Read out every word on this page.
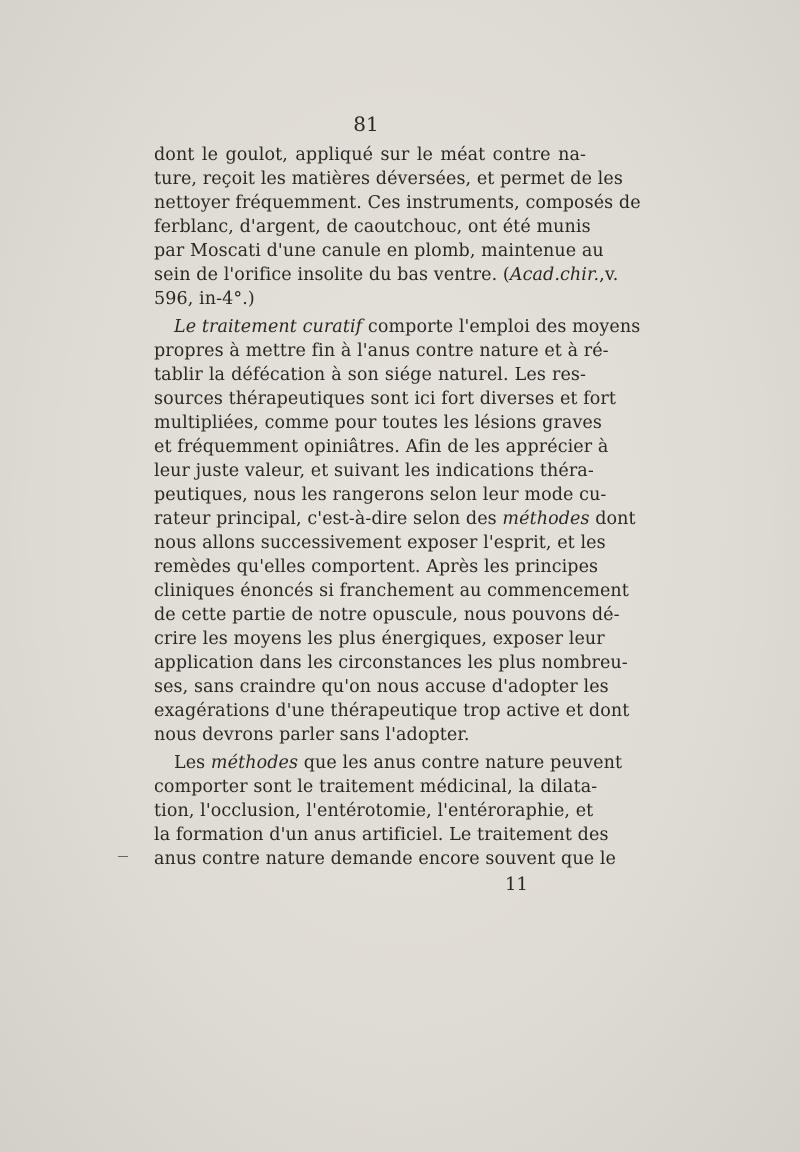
81
dont le goulot, appliqué sur le méat contre na-
ture, reçoit les matières déversées, et permet de les
nettoyer fréquemment. Ces instruments, composés de
ferblanc, d'argent, de caoutchouc, ont été munis
par Moscati d'une canule en plomb, maintenue au
sein de l'orifice insolite du bas ventre. (Acad.chir.,v.
596, in-4°.)
Le traitement curatif comporte l'emploi des moyens
propres à mettre fin à l'anus contre nature et à ré-
tablir la défécation à son siége naturel. Les res-
sources thérapeutiques sont ici fort diverses et fort
multipliées, comme pour toutes les lésions graves
et fréquemment opiniâtres. Afin de les apprécier à
leur juste valeur, et suivant les indications théra-
peutiques, nous les rangerons selon leur mode cu-
rateur principal, c'est-à-dire selon des méthodes dont
nous allons successivement exposer l'esprit, et les
remèdes qu'elles comportent. Après les principes
cliniques énoncés si franchement au commencement
de cette partie de notre opuscule, nous pouvons dé-
crire les moyens les plus énergiques, exposer leur
application dans les circonstances les plus nombreu-
ses, sans craindre qu'on nous accuse d'adopter les
exagérations d'une thérapeutique trop active et dont
nous devrons parler sans l'adopter.
Les méthodes que les anus contre nature peuvent
comporter sont le traitement médicinal, la dilata-
tion, l'occlusion, l'entérotomie, l'entéroraphie, et
la formation d'un anus artificiel. Le traitement des
anus contre nature demande encore souvent que le
11
